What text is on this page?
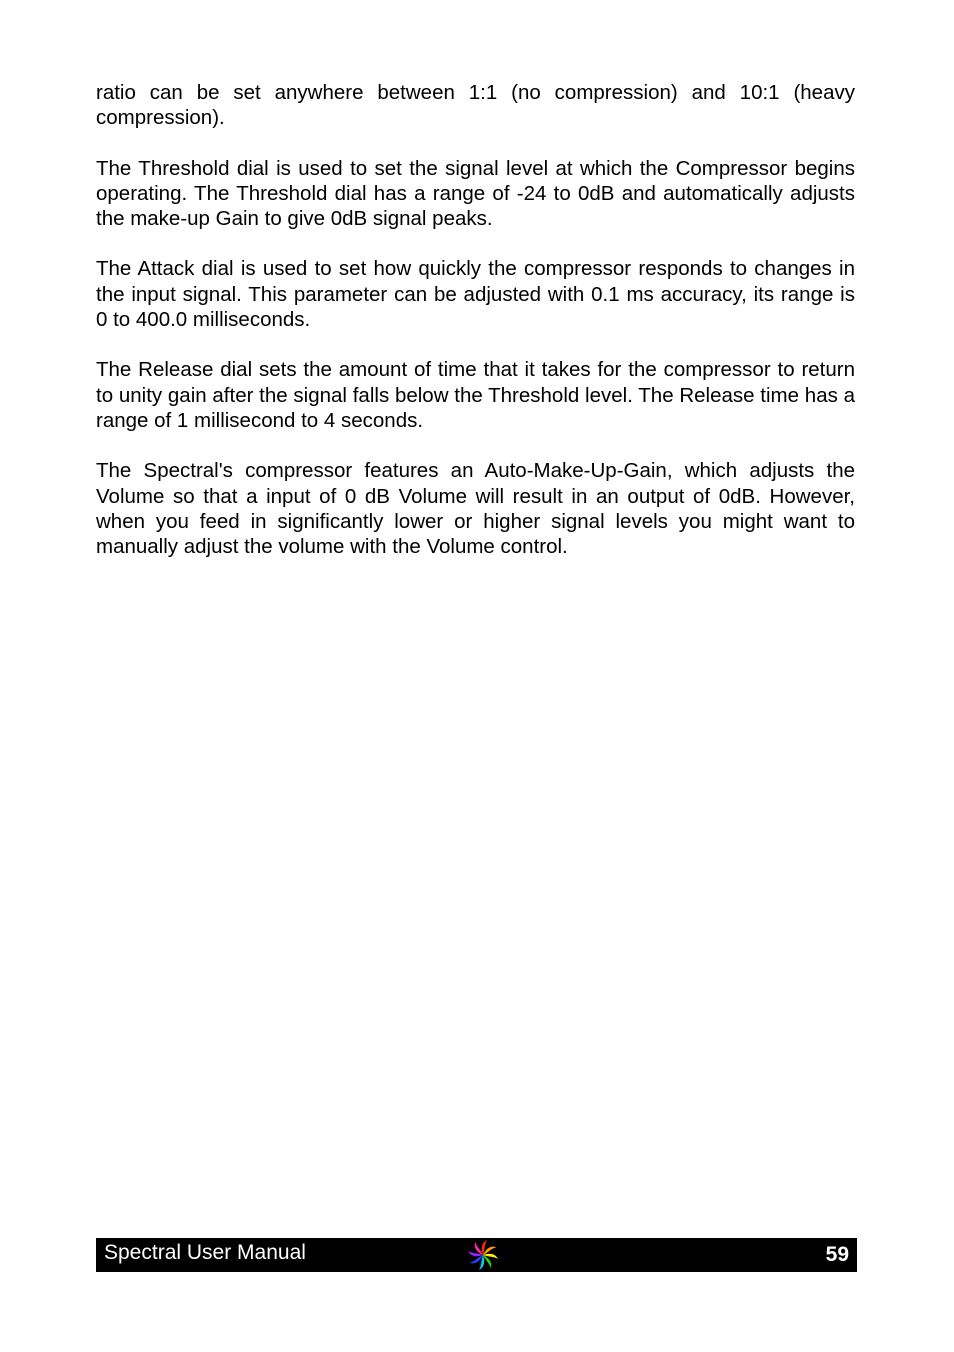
ratio can be set anywhere between 1:1 (no compression) and 10:1 (heavy compression).

The Threshold dial is used to set the signal level at which the Compressor begins operating. The Threshold dial has a range of -24 to 0dB and automatically adjusts the make-up Gain to give 0dB signal peaks.

The Attack dial is used to set how quickly the compressor responds to changes in the input signal. This parameter can be adjusted with 0.1 ms accuracy, its range is 0 to 400.0 milliseconds.

The Release dial sets the amount of time that it takes for the compressor to return to unity gain after the signal falls below the Threshold level. The Release time has a range of 1 millisecond to 4 seconds.

The Spectral's compressor features an Auto-Make-Up-Gain, which adjusts the Volume so that a input of 0 dB Volume will result in an output of 0dB. However, when you feed in significantly lower or higher signal levels you might want to manually adjust the volume with the Volume control.

Spectral User Manual	59
